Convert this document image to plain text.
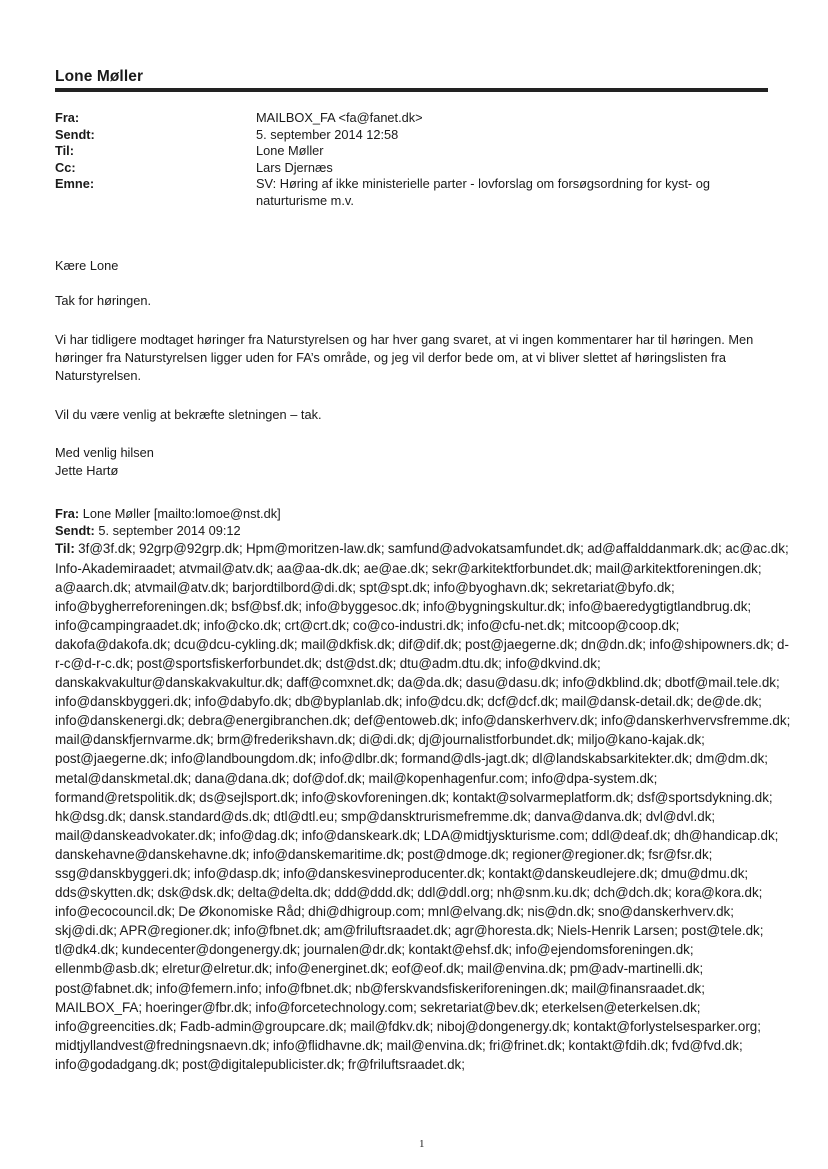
Lone Møller
Fra:	MAILBOX_FA <fa@fanet.dk>
Sendt:	5. september 2014 12:58
Til:	Lone Møller
Cc:	Lars Djernæs
Emne:	SV: Høring af ikke ministerielle parter - lovforslag om forsøgsordning for kyst- og naturturisme m.v.

Kære Lone

Tak for høringen.

Vi har tidligere modtaget høringer fra Naturstyrelsen og har hver gang svaret, at vi ingen kommentarer har til høringen. Men høringer fra Naturstyrelsen ligger uden for FA’s område, og jeg vil derfor bede om, at vi bliver slettet af høringslisten fra Naturstyrelsen.

Vil du være venlig at bekræfte sletningen – tak.

Med venlig hilsen

Jette Hartø

Fra: Lone Møller [mailto:lomoe@nst.dk]

Sendt: 5. september 2014 09:12

Til: 3f@3f.dk; 92grp@92grp.dk; Hpm@moritzen-law.dk; samfund@advokatsamfundet.dk; ad@affalddanmark.dk; ac@ac.dk; Info-Akademiraadet; atvmail@atv.dk; aa@aa-dk.dk; ae@ae.dk; sekr@arkitektforbundet.dk; mail@arkitektforeningen.dk; a@aarch.dk; atvmail@atv.dk; barjordtilbord@di.dk; spt@spt.dk; info@byoghavn.dk; sekretariat@byfo.dk; info@bygherreforeningen.dk; bsf@bsf.dk; info@byggesoc.dk; info@bygningskultur.dk; info@baeredygtigtlandbrug.dk; info@campingraadet.dk; info@cko.dk; crt@crt.dk; co@co-industri.dk; info@cfu-net.dk; mitcoop@coop.dk; dakofa@dakofa.dk; dcu@dcu-cykling.dk; mail@dkfisk.dk; dif@dif.dk; post@jaegerne.dk; dn@dn.dk; info@shipowners.dk; d-r-c@d-r-c.dk; post@sportsfiskerforbundet.dk; dst@dst.dk; dtu@adm.dtu.dk; info@dkvind.dk; danskakvakultur@danskakvakultur.dk; daff@comxnet.dk; da@da.dk; dasu@dasu.dk; info@dkblind.dk; dbotf@mail.tele.dk; info@danskbyggeri.dk; info@dabyfo.dk; db@byplanlab.dk; info@dcu.dk; dcf@dcf.dk; mail@dansk-detail.dk; de@de.dk; info@danskenergi.dk; debra@energibranchen.dk; def@entoweb.dk; info@danskerhverv.dk; info@danskerhvervsfremme.dk; mail@danskfjernvarme.dk; brm@frederikshavn.dk; di@di.dk; dj@journalistforbundet.dk; miljo@kano-kajak.dk; post@jaegerne.dk; info@landboungdom.dk; info@dlbr.dk; formand@dls-jagt.dk; dl@landskabsarkitekter.dk; dm@dm.dk; metal@danskmetal.dk; dana@dana.dk; dof@dof.dk; mail@kopenhagenfur.com; info@dpa-system.dk; formand@retspolitik.dk; ds@sejlsport.dk; info@skovforeningen.dk; kontakt@solvarmeplatform.dk; dsf@sportsdykning.dk; hk@dsg.dk; dansk.standard@ds.dk; dtl@dtl.eu; smp@dansktrurismefremme.dk; danva@danva.dk; dvl@dvl.dk; mail@danskeadvokater.dk; info@dag.dk; info@danskeark.dk; LDA@midtjyskturisme.com; ddl@deaf.dk; dh@handicap.dk; danskehavne@danskehavne.dk; info@danskemaritime.dk; post@dmoge.dk; regioner@regioner.dk; fsr@fsr.dk; ssg@danskbyggeri.dk; info@dasp.dk; info@danskesvineproducenter.dk; kontakt@danskeudlejere.dk; dmu@dmu.dk; dds@skytten.dk; dsk@dsk.dk; delta@delta.dk; ddd@ddd.dk; ddl@ddl.org; nh@snm.ku.dk; dch@dch.dk; kora@kora.dk; info@ecocouncil.dk; De Økonomiske Råd; dhi@dhigroup.com; mnl@elvang.dk; nis@dn.dk; sno@danskerhverv.dk; skj@di.dk; APR@regioner.dk; info@fbnet.dk; am@friluftsraadet.dk; agr@horesta.dk; Niels-Henrik Larsen; post@tele.dk; tl@dk4.dk; kundecenter@dongenergy.dk; journalen@dr.dk; kontakt@ehsf.dk; info@ejendomsforeningen.dk; ellenmb@asb.dk; elretur@elretur.dk; info@energinet.dk; eof@eof.dk; mail@envina.dk; pm@adv-martinelli.dk; post@fabnet.dk; info@femern.info; info@fbnet.dk; nb@ferskvandsfiskeriforeningen.dk; mail@finansraadet.dk; MAILBOX_FA; hoeringer@fbr.dk; info@forcetechnology.com; sekretariat@bev.dk; eterkelsen@eterkelsen.dk; info@greencities.dk; Fadb-admin@groupcare.dk; mail@fdkv.dk; niboj@dongenergy.dk; kontakt@forlystelsesparker.org; midtjyllandvest@fredningsnaevn.dk; info@flidhavne.dk; mail@envina.dk; fri@frinet.dk; kontakt@fdih.dk; fvd@fvd.dk; info@godadgang.dk; post@digitalepublicister.dk; fr@friluftsraadet.dk;

1
